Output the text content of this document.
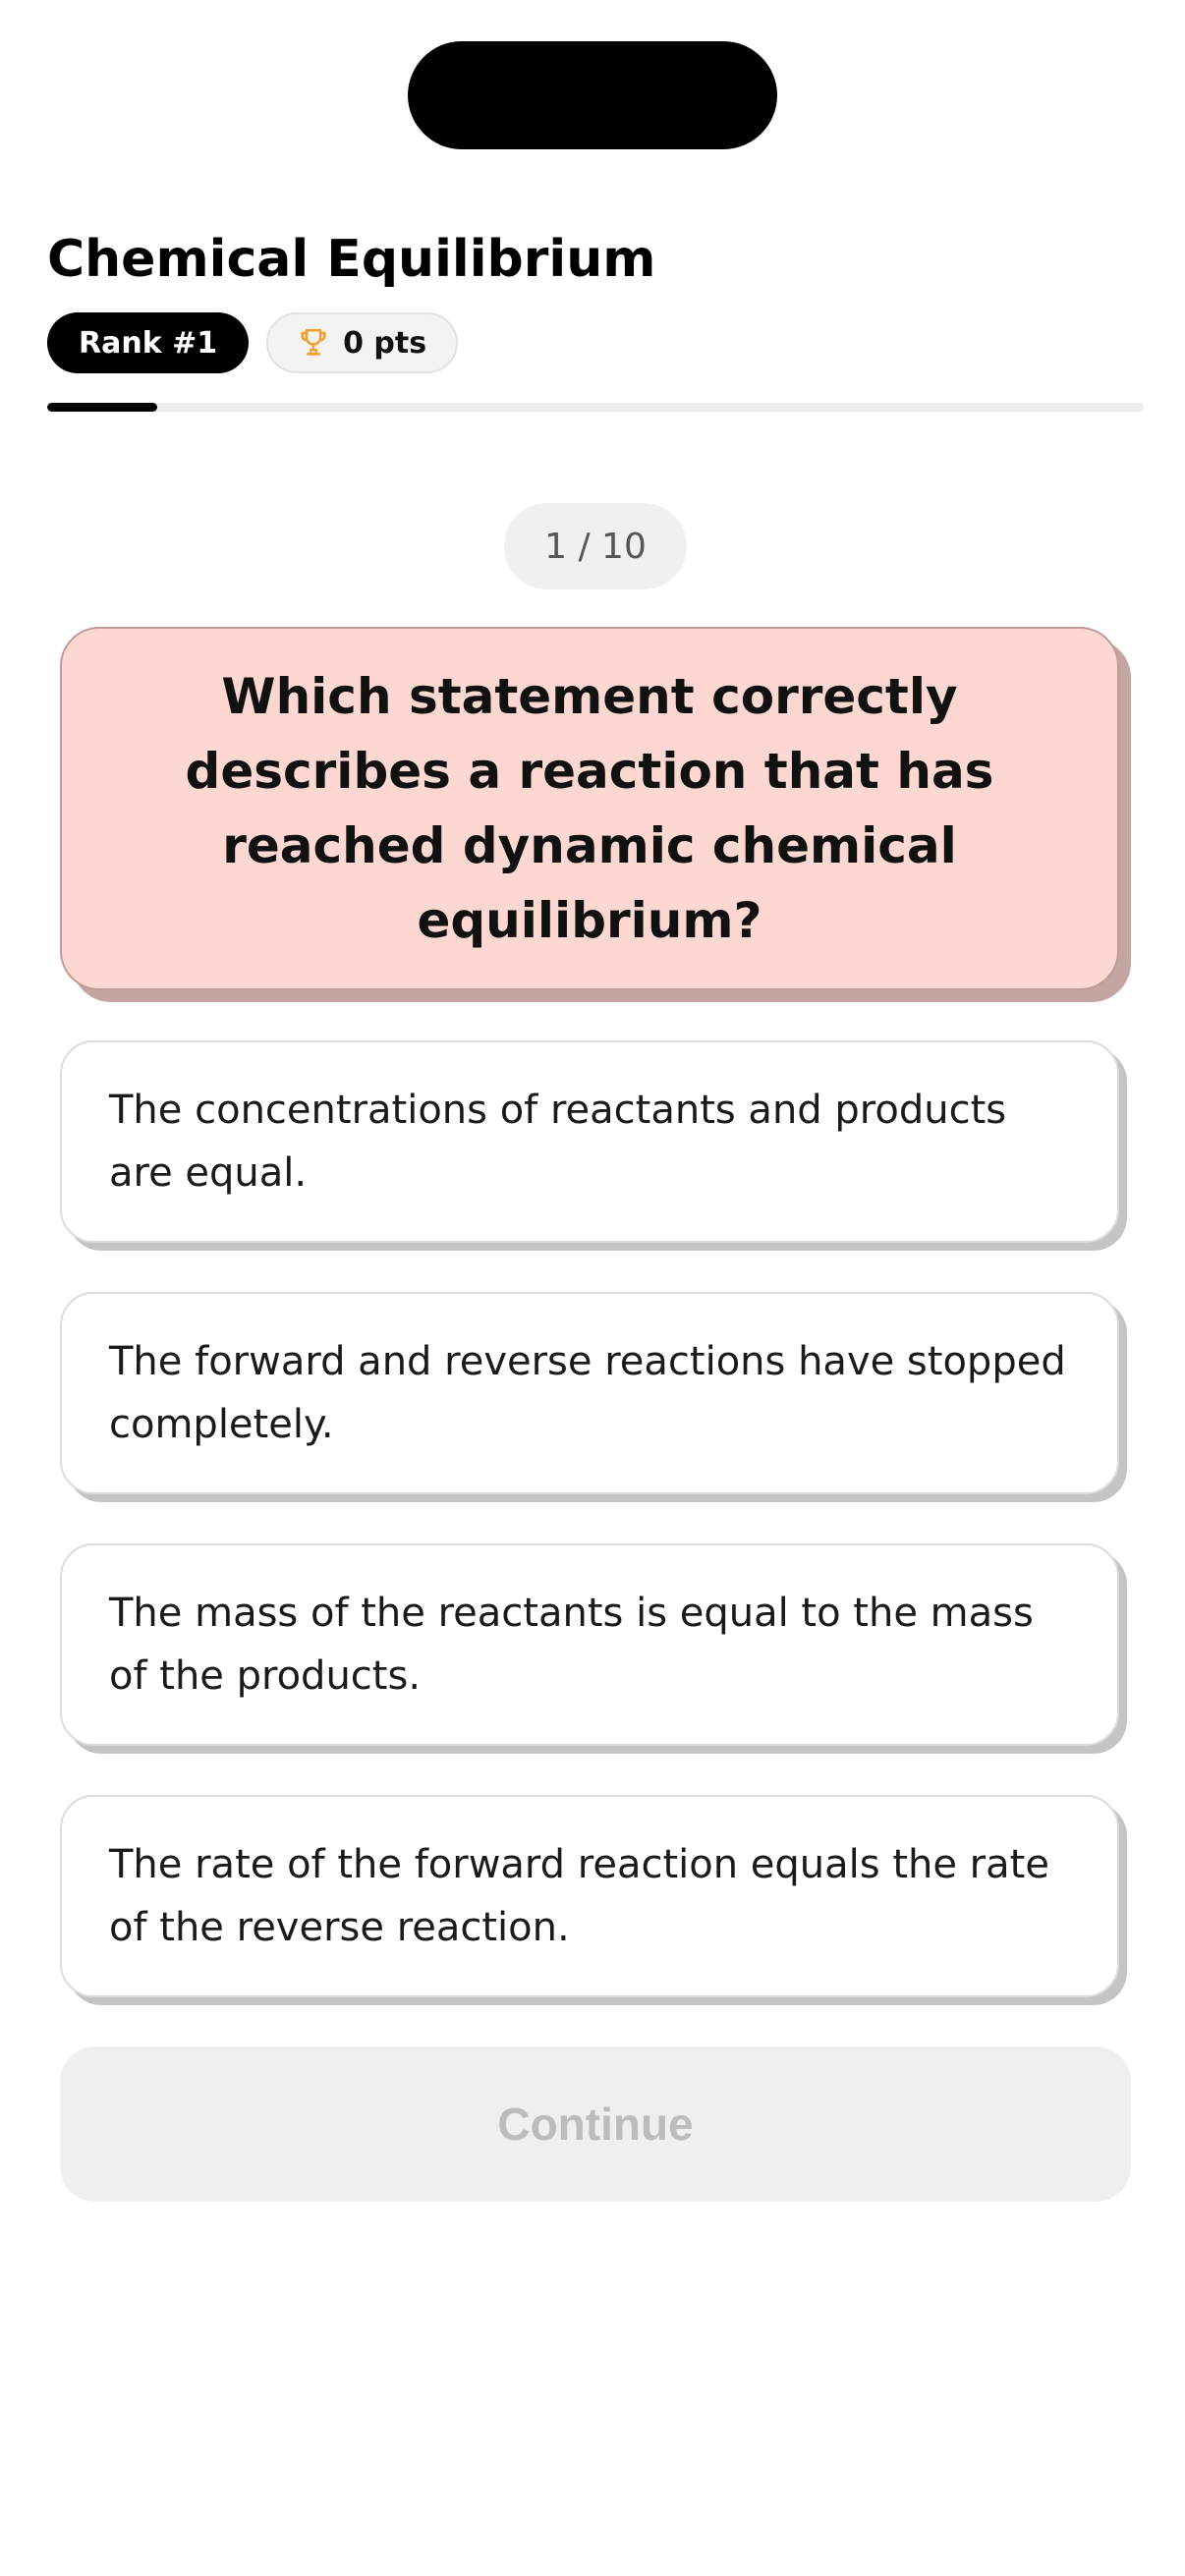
Chemical Equilibrium
Rank #1	0 pts
1 / 10
Which statement correctly describes a reaction that has reached dynamic chemical equilibrium?
The concentrations of reactants and products are equal.
The forward and reverse reactions have stopped completely.
The mass of the reactants is equal to the mass of the products.
The rate of the forward reaction equals the rate of the reverse reaction.
Continue
